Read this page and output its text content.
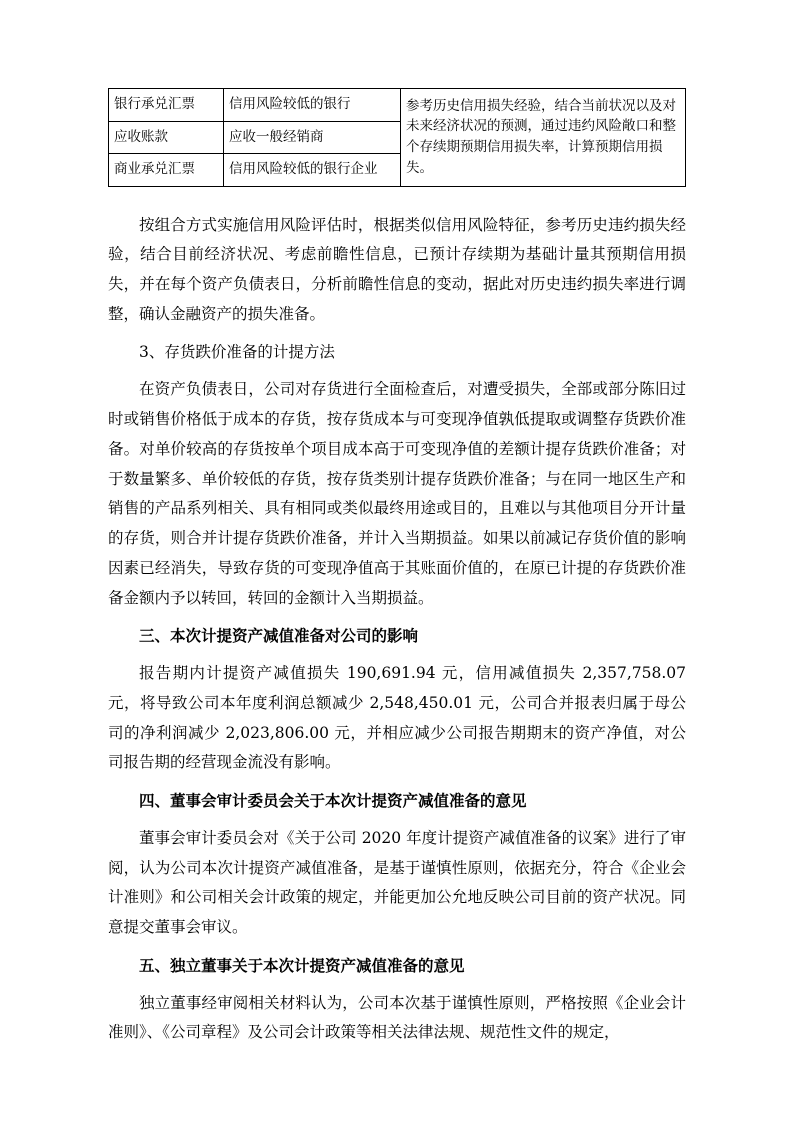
银行承兑汇票	信用风险较低的银行	参考历史信用损失经验，结合当前状况以及对未来经济状况的预测，通过违约风险敞口和整个存续期预期信用损失率，计算预期信用损失。
应收账款	应收一般经销商	
商业承兑汇票	信用风险较低的银行企业	

按组合方式实施信用风险评估时，根据类似信用风险特征，参考历史违约损失经验，结合目前经济状况、考虑前瞻性信息，已预计存续期为基础计量其预期信用损失，并在每个资产负债表日，分析前瞻性信息的变动，据此对历史违约损失率进行调整，确认金融资产的损失准备。

3、存货跌价准备的计提方法

在资产负债表日，公司对存货进行全面检查后，对遭受损失，全部或部分陈旧过时或销售价格低于成本的存货，按存货成本与可变现净值孰低提取或调整存货跌价准备。对单价较高的存货按单个项目成本高于可变现净值的差额计提存货跌价准备；对于数量繁多、单价较低的存货，按存货类别计提存货跌价准备；与在同一地区生产和销售的产品系列相关、具有相同或类似最终用途或目的，且难以与其他项目分开计量的存货，则合并计提存货跌价准备，并计入当期损益。如果以前减记存货价值的影响因素已经消失，导致存货的可变现净值高于其账面价值的，在原已计提的存货跌价准备金额内予以转回，转回的金额计入当期损益。

三、本次计提资产减值准备对公司的影响

报告期内计提资产减值损失 190,691.94 元，信用减值损失 2,357,758.07 元，将导致公司本年度利润总额减少 2,548,450.01 元，公司合并报表归属于母公司的净利润减少 2,023,806.00 元，并相应减少公司报告期期末的资产净值，对公司报告期的经营现金流没有影响。

四、董事会审计委员会关于本次计提资产减值准备的意见

董事会审计委员会对《关于公司 2020 年度计提资产减值准备的议案》进行了审阅，认为公司本次计提资产减值准备，是基于谨慎性原则，依据充分，符合《企业会计准则》和公司相关会计政策的规定，并能更加公允地反映公司目前的资产状况。同意提交董事会审议。

五、独立董事关于本次计提资产减值准备的意见

独立董事经审阅相关材料认为，公司本次基于谨慎性原则，严格按照《企业会计准则》、《公司章程》及公司会计政策等相关法律法规、规范性文件的规定，
